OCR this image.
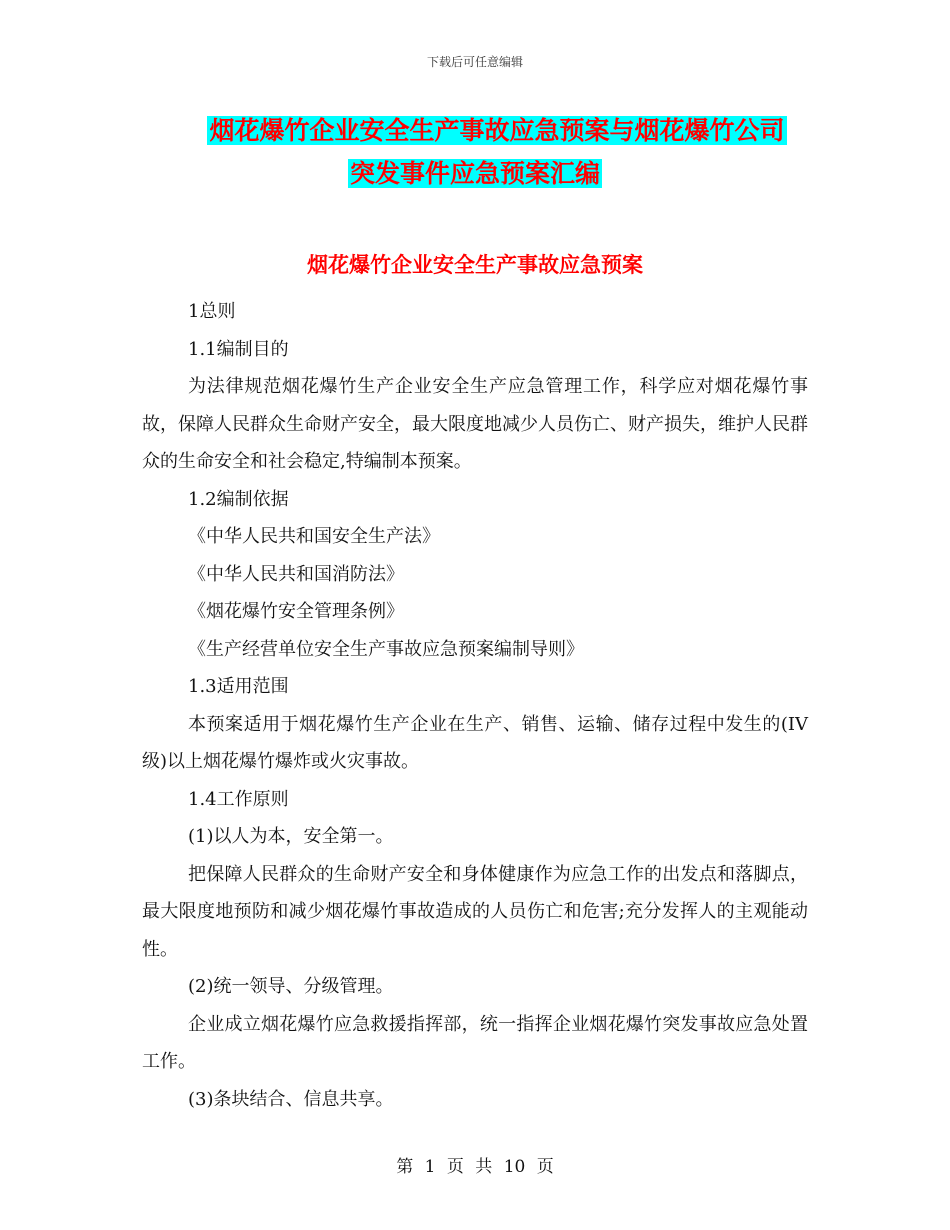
下载后可任意编辑
烟花爆竹企业安全生产事故应急预案与烟花爆竹公司
突发事件应急预案汇编
烟花爆竹企业安全生产事故应急预案

1总则

1.1编制目的

为法律规范烟花爆竹生产企业安全生产应急管理工作，科学应对烟花爆竹事故，保障人民群众生命财产安全，最大限度地减少人员伤亡、财产损失，维护人民群众的生命安全和社会稳定,特编制本预案。

1.2编制依据

《中华人民共和国安全生产法》

《中华人民共和国消防法》

《烟花爆竹安全管理条例》

《生产经营单位安全生产事故应急预案编制导则》

1.3适用范围

本预案适用于烟花爆竹生产企业在生产、销售、运输、储存过程中发生的(IV级)以上烟花爆竹爆炸或火灾事故。

1.4工作原则

(1)以人为本，安全第一。

把保障人民群众的生命财产安全和身体健康作为应急工作的出发点和落脚点，最大限度地预防和减少烟花爆竹事故造成的人员伤亡和危害;充分发挥人的主观能动性。

(2)统一领导、分级管理。

企业成立烟花爆竹应急救援指挥部，统一指挥企业烟花爆竹突发事故应急处置工作。

(3)条块结合、信息共享。

第 1 页 共 10 页
